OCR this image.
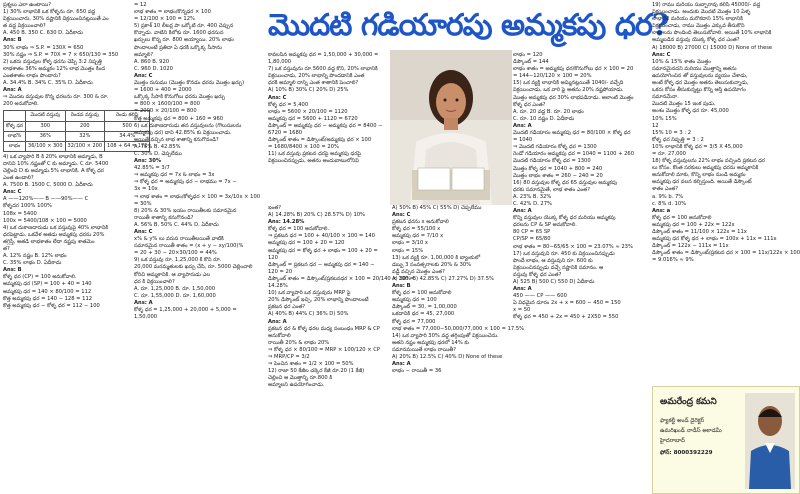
ప్రశ్నలు ఎలా ఉంటాయి?
1) 30% లాభానికి ఒక కోళ్ళను రూ. 650 వద్ద
విక్రయించారు, 30% నష్టానికి విక్రయించినట్లయితే ఎం
త వద్ద విక్రయించాలి?
A. 450 B. 350 C. 630 D. ఏదీకాదు
Ans: B
30% లాభం ⇒ S.P. = 130X = 650
30% నష్టం ⇒ S.P. = 70X = 7 × 650/130 = 350
2) ఒకరు వస్తువుల కోళ్ళ ధరను చెప్పి 3:2 నిష్పత్తి
లాభశాతం 36% అమ్మకం 12% లాభ మొత్తం కింద
ఎంతశాతం లాభం పొందారు?
A. 34.4% B. 34% C. 35% D. ఏదీకాదు
Ans: A
⇒ మొదట వస్తువుల కొన్న ధరలను రూ. 300 & రూ.
200 అనుకోవాలి.
	మొదటి వస్తువు	రెండవ వస్తువు	రెండు కలిపి
కోళ్ళ ధర	300	200	500
లాభ%	36%	32%	34.4%
లాభం	36/100 × 300	32/100 × 200	108 + 64 = 172
4) ఒక వ్యాపారి B కి 20% లాభానికి అమ్మాడు, B
దానిని 10% నష్టంతో C కు అమ్మాడు. C రూ. 5400
చెల్లించి D కు అమ్మాడు.5% లాభానికి. A కోళ్ళ ధర
ఎంత ఉండాలి?
A. 7500 B. 1500 C. 5000 D. ఏదీకాదు
Ans: C
A ——120%—— B ——90%—— C
కోళ్ళదర 100% 100%
108x = 5400
100x = 5400/108 × 100 = 5000
4) ఒక దుకాణదారుడు ఒక వస్తువుపై 40% లాభానికి
ధరపెట్టాడు. ఒకవేళ అతడు అమ్మకపు ధరను 20%
తగ్గిస్తే, అతడి లాభశాతం లేదా నష్టపు శాతమెం
త?
A. 12% నష్టం B. 12% లాభం
C. 35% లాభం D. ఏదీకాదు
Ans: B
కోళ్ళ ధర (CP) = 100 అనుకోవాలి.
అమ్మకపు ధర (SP) = 100 + 40 = 140
అమ్మకపు ధర = 140 × 80/100 = 112
కొత్త అమ్మకపు ధర = 140 − 128 = 112
కొత్త అమ్మకపు ధర − కోళ్ళ ధర = 112 − 100
= 12
లాభ శాతం = లాభం/కొన్నధర × 100
= 12/100 × 100 = 12%
5) ప్రకాశ్ 10 లీటర్ల పా ఒక్కోటి రూ. 400 చెప్పున
కొన్నాడు. వాటిని కిలోకు రూ. 1600 ధరసున
ఖర్చులు కొన్న రూ. 800 అయ్యాయి. 20% లాభం
పొందాలంటే ప్రతిదా ఏ ధరకి ఒక్కొక్క సీసాను
అమ్మాలి?
A. 860 B. 920
C. 960 D. 1020
Ans: C
మొత్తం రుసుము (మొత్తం కొనడం ధరను మొత్తం ఖర్చు)
= 1600 + 400 = 2000
ఒక్కొక్క సీసాకి కొనుగోలు ధరను మొత్తం ఖర్చు
= 800 × 1600/100 = 800
= 2000 × 20/100 = 800
కొత్త అమ్మకపు ధర = 800 + 160 = 960
6) ఒక దుకాణదారుడు తన వస్తువులను (గొలుసులను
అమ్మకపు ధర) దాని 42.85% కు విక్రయించాడు.
అయితే వచ్చిన లాభ శాతాన్ని కనుగొనండి?
A. 75% B. 42.85%
C. 30% D. చెప్పలేము
Ans: 30%
42.85% = 3/7
⇒ అమ్మకపు ధర = 7x & లాభం = 3x
⇒ కోళ్ళ ధర = అమ్మకపు ధర − లాభము = 7x −
3x = 10x
⇒ లాభ శాతం = లాభం/కోళ్ళధర × 100 = 3x/10x × 100
= 30%
8) 20% & 30% ఇయం రాయితీలకు సమానమైన
రాయితీ శాతాన్ని కనుగొనండి?
A. 56% B. 50% C. 44% D. ఏదీకాదు
Ans: C
x% & y% లు వరుస రాయితీలయితే వాటికి
సమానమైన రాయితీ శాతం = (x + y − xy/100)%
= 20 + 30 − 20×30/100 = 44%
9) ఒక వస్తువు రూ. 1,25,000 కి కొని రూ.
20,000 మరమ్మతులకు ఖర్చు చేసి, రూ. 5000 చెల్లించాలి
కోరిచి అమ్మకానికి. ఆ వ్యాపారుడు ఎల
ధర కి విక్రయించాలి?
A. రూ. 1,25,000 B. రూ. 1,50,000
C. రూ. 1,55,000 D. రూ. 1,60,000
Ans: A
కోళ్ళ ధర = 1,25,000 + 20,000 + 5,000 =
1,50,000
మొదటి గడియారపు అమ్మకపు ధర?
కావలసిన అమ్మకపు ధర = 1,50,000 + 30,000 =
1,80,000
7) ఒక వస్తువును రూ.5600 వద్ద కొని, 20% లాభానికి
విక్రయించాడు, 20% లాభాన్ని పొందడానికి ఎంత
ధరకి అమ్మాలి దాన్ని ఎంత శాతానికి పెంచాలి?
A) 10% B) 30% C) 20% D) 25%
Ans: C
కోళ్ళ ధర = 5,400
లాభం = 5600 × 20/100 = 1120
అమ్మకపు ధర = 5600 + 1120 = 6720
డిస్కౌంట్ = అమ్మకపు ధర − అమ్మకపు ధర = 8400 −
6720 = 1680
డిస్కౌంట్ శాతం = డిస్కౌంట్/అమ్మకపు ధర × 100
= 1680/8400 × 100 = 20%
11) ఒక వస్తువు ప్రకటన ధరపై అమ్మకపు ధరపై
విక్రయించినప్పుడు, అతను అందుబాటులోనివి
ఇంత?
A) 14.28% B) 20% C) 28.57% D) 10%
Ans: 14.28%
కోళ్ళ ధర = 100 అనుకోవాలి.
⇒ ప్రకటన ధర = 100 + 40/100 × 100 = 140
అమ్మకపు ధర = 100 + 20 = 120
అమ్మకపు ధర = కోళ్ళ ధర + లాభం = 100 + 20 =
120
డిస్కౌంట్ = ప్రకటన ధర − అమ్మకపు ధర = 140 −
120 = 20
డిస్కౌంట్ శాతం = డిస్కౌంట్/ప్రకటనధర × 100 = 20/140 × 100 =
14.28%
10) ఒక వ్యాపారి ఒక వస్తువును MRP పై
20% డిస్కౌంట్ ఇచ్చి, 20% లాభాన్ని పొందాలంటే
ప్రకటన ధర ఎంత?
A) 40% B) 44% C) 36% D) 50%
Ans: A
ప్రకటన ధర & కోళ్ళ ధరల మధ్య సంబంధం MRP & CP
అనుకోవాలి
రాయితీ 20% & లాభం 20%
⇒ కోళ్ళ ధర × 80/100 = MRP × 100/120 × CP
⇒ MRP/CP = 3/2
⇒ పెంచిన శాతం = 1/2 × 100 = 50%
12) రాజా 50 కేజీల చక్కెర కేజీ రూ.20 (1 కేజీ)
చెల్లించి ఆ మొత్తాన్ని రూ.800 కి
అమ్మాలని ఉపయోగించాడు.
A) 50% B) 45% C) 55% D) చెప్పలేము
Ans: C
ప్రకటన ధరను x అనుకోవాలి
కోళ్ళ ధర = 55/100 x
అమ్మకపు ధర = 7/10 x
లాభం = 3/10 x
లాభం = 15%
13) ఒక వ్యక్తి రూ. 1,00,000 కి బ్యాంకులో
డబ్బు 3 సంవత్సరాలకు 20% & 30%
వడ్డీ వచ్చిన మొత్తం ఎంత?
A) 30% B) 42.85% C) 27.27% D) 37.5%
Ans: B
కోళ్ళ ధర = 100 అనుకోవాలి
అమ్మకపు ధర = 100
డిస్కౌంట్ = 30, = 1,00,000
ఒకదానికి ధర = 45, 27,000
కోళ్ళ ధర = 77,000
లాభ శాతం = 77,000−50,000/77,000 × 100 = 17.5%
14) ఒక వ్యాపారి 30% వద్ద తగ్గింపుతో విక్రయించెను.
అతని నష్టం అమ్మకపు ధరలో 14% కు
సమానమయితే లాభం రాయితీ?
A) 20% B) 12.5% C) 40% D) None of these
Ans: A
లాభం − రాయితీ = 36
లాభం = 120
డిస్కౌంట్ = 144
లాభం శాతం = అమ్మకపు ధర/కొనుగోలు ధర × 100 = 20
= 144−120/120 × 100 = 20%
15) ఒక వ్యక్తి లాభానికి అమ్మినట్లయితే 1040/- వచ్చేది
విక్రయించాడు, ఒక వారి ఫై అతను 20% నష్టపోయాడు.
మొత్తం అమ్మకపు ధర 30% లాభపడినాడు. అలాంటి మొత్తం
కోళ్ళ ధర ఎంత?
A. రూ. 20 వద్ద B. రూ. 20 లాభం
C. రూ. 10 నష్టం D. ఏదీకాదు
Ans: A
మొదటి గడియారం అమ్మకపు ధర = 80/100 × కోళ్ళ ధర
= 1040
⇒ మొదటి గడియారం కోళ్ళ ధర = 1300
రెండో గడియారం అమ్మకపు ధర = 1040 = 1100 + 260
మొదటి గడియారం కోళ్ళ ధర = 1300
మొత్తం కోళ్ళ ధర = 1040 + 800 = 240
మొత్తం లాభం శాతం = 260 − 240 = 20
16) 80 వస్తువుల కోళ్ళ ధర 65 వస్తువుల అమ్మకపు
ధరకు సమానమైతే, లాభ శాతం ఎంత?
A. 23% B. 32%
C. 42% D. 27%
Ans: A
కొన్ని వస్తువుల యొక్క కోళ్ళ ధర మరియు అమ్మకపు
ధరలను CP & SP అనుకోవాలి.
80 CP = 65 SP
CP/SP = 65/80
లాభ శాతం = 80−65/65 × 100 = 23.07% ≈ 23%
17) ఒక వస్తువుని రూ. 450 కు విక్రయించినప్పుడు
పొందే లాభం, ఆ వస్తువుని రూ. 600 కు
విక్రయించినప్పుడు వచ్చే నష్టానికి సమానం. ఆ
వస్తువు కోళ్ళ ధర ఎంత?
A) 525 B) 500 C) 550 D) ఏదీకాదు
Ans: A
450 —— CP —— 600
ఏ విధమైన దూరం 2x + x = 600 − 450 = 150
x = 50
కోళ్ళ ధర = 450 + 2x = 450 + 2X50 = 550
19) రాము మరియు సుబ్బారావు కలిసి 45000/- వద్ద
విక్రయించాడు. అందుకు మొదటి మొత్తం 10 ఏళ్ళ
లాభానికి మరియు మరొకదాని 15% లాభానికి
విక్రయించాడు, రాము మొత్తం ఎక్కువ తీసుకొని
లాభాలను పొందింది తెలుసుకోవాలి. అయితే 10% లాభానికి
అమ్మబడిన వస్తువు యొక్క కోళ్ళ ధర ఎంత?
A) 18000 B) 27000 C) 15000 D) None of these
Ans: C
10% & 15% శాతం మొత్తం
సమానమైనదని మరియు మొత్తాన్ని అతను
ఉపయోగించిన తో వస్తువులను వ్యయం చేశాడు,
అంటే కోళ్ళ ధర మొత్తం అతను తెలుసుకున్నాడు,
ఒకరు కోసం తీసుకున్నట్టు కొన్ని ఆస్తి ఉపయోగం
సమానమేనా.
మొదటి మొత్తం 15 ఇంక పుడు,
అంశం మొత్తం కోళ్ళ ధర రూ. 45,000
10% 15%
12
15% 10 = 3 : 2
కోళ్ళ ధర నిష్పత్తి = 3 : 2
10% లాభానికి కోళ్ళ ధర = 3/5 X 45,000
= రూ. 27,000
18) కోళ్ళ వస్తువులను 22% లాభం వచ్చింది ప్రకటన ధర
లు కోసం. కొంత సరకులు అమ్మకపు ధరను అమ్మకానికి
అనుకోవాలి మాకు, కొన్ని లాభం నుండి అమ్మకం
అమ్మకపు ధర వలన కల్పిస్తుంది. అయితే డిస్కౌంట్
శాతం ఎంత?
a. 9% b. 7%
c. 8% d. 10%
Ans: a
కోళ్ళ ధర = 100 అనుకోవాలి
అమ్మకపు ధర = 100 + 22x = 122x
డిస్కౌంట్ శాతం = 11/100 × 122x = 11x
అమ్మకపు ధర కోళ్ళ ధర + లాభం = 100x + 11x = 111x
డిస్కౌంట్ = 122x − 111x = 11x
డిస్కౌంట్ శాతం = డిస్కౌంట్/ప్రకటన ధర × 100 = 11x/122x × 100
= 9.016% ≈ 9%
అమరేంద్ర కమని
ఫ్యాకల్టీ అండ్ డైరెక్టర్
ఉమరిఖండ్ నాడీస్ అకాడమీ
హైదరాబాద్
ఫోన్: 8000392229
